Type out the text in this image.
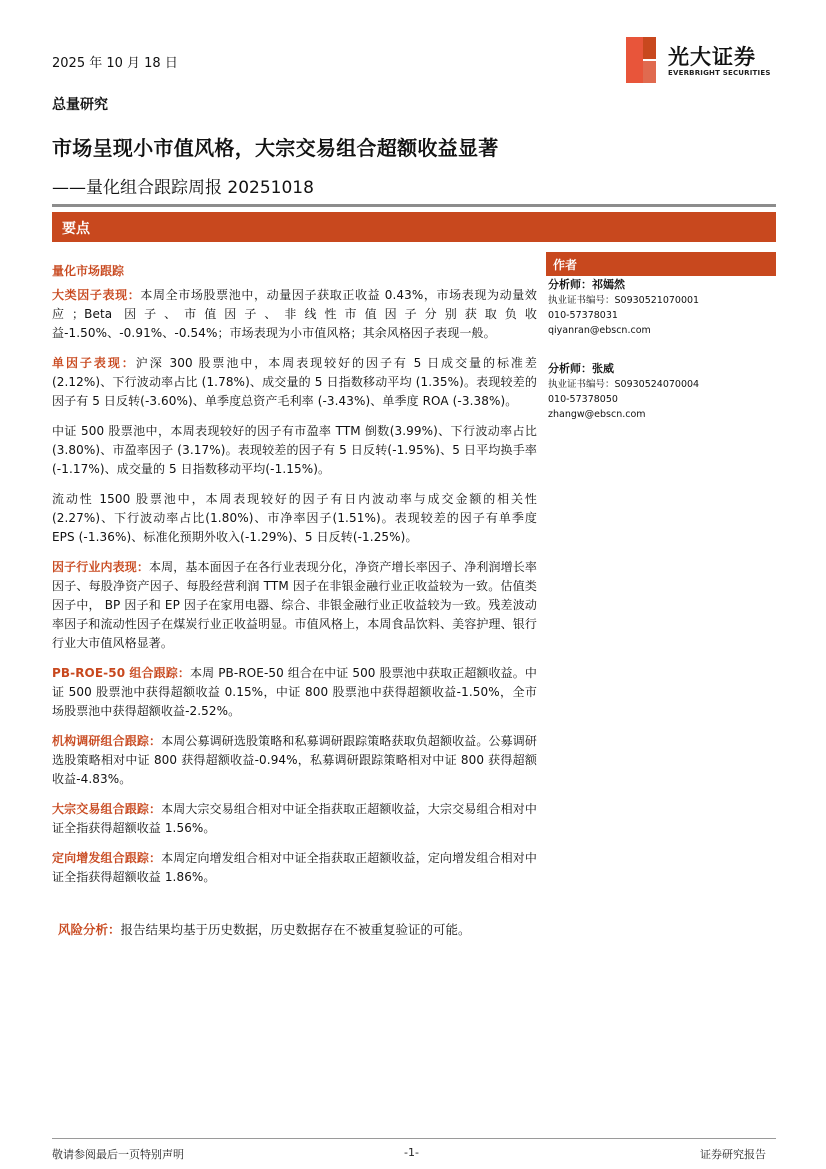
2025 年 10 月 18 日	光大证券
EVERBRIGHT SECURITIES
总量研究
市场呈现小市值风格，大宗交易组合超额收益显著
——量化组合跟踪周报 20251018
要点
量化市场跟踪

大类因子表现：本周全市场股票池中，动量因子获取正收益 0.43%，市场表现为动量效应；Beta 因子、市值因子、非线性市值因子分别获取负收益-1.50%、-0.91%、-0.54%；市场表现为小市值风格；其余风格因子表现一般。

单因子表现：沪深 300 股票池中，本周表现较好的因子有 5 日成交量的标准差 (2.12%)、下行波动率占比 (1.78%)、成交量的 5 日指数移动平均 (1.35%)。表现较差的因子有 5 日反转(-3.60%)、单季度总资产毛利率 (-3.43%)、单季度 ROA (-3.38%)。

中证 500 股票池中，本周表现较好的因子有市盈率 TTM 倒数(3.99%)、下行波动率占比 (3.80%)、市盈率因子 (3.17%)。表现较差的因子有 5 日反转(-1.95%)、5 日平均换手率(-1.17%)、成交量的 5 日指数移动平均(-1.15%)。

流动性 1500 股票池中，本周表现较好的因子有日内波动率与成交金额的相关性(2.27%)、下行波动率占比(1.80%)、市净率因子(1.51%)。表现较差的因子有单季度 EPS (-1.36%)、标准化预期外收入(-1.29%)、5 日反转(-1.25%)。

因子行业内表现：本周，基本面因子在各行业表现分化，净资产增长率因子、净利润增长率因子、每股净资产因子、每股经营利润 TTM 因子在非银金融行业正收益较为一致。估值类因子中， BP 因子和 EP 因子在家用电器、综合、非银金融行业正收益较为一致。残差波动率因子和流动性因子在煤炭行业正收益明显。市值风格上，本周食品饮料、美容护理、银行行业大市值风格显著。

PB-ROE-50 组合跟踪：本周 PB-ROE-50 组合在中证 500 股票池中获取正超额收益。中证 500 股票池中获得超额收益 0.15%，中证 800 股票池中获得超额收益-1.50%，全市场股票池中获得超额收益-2.52%。

机构调研组合跟踪：本周公募调研选股策略和私募调研跟踪策略获取负超额收益。公募调研选股策略相对中证 800 获得超额收益-0.94%，私募调研跟踪策略相对中证 800 获得超额收益-4.83%。

大宗交易组合跟踪：本周大宗交易组合相对中证全指获取正超额收益，大宗交易组合相对中证全指获得超额收益 1.56%。

定向增发组合跟踪：本周定向增发组合相对中证全指获取正超额收益，定向增发组合相对中证全指获得超额收益 1.86%。

风险分析：报告结果均基于历史数据，历史数据存在不被重复验证的可能。
作者
分析师：祁嫣然
执业证书编号：S0930521070001
010-57378031
qiyanran@ebscn.com
分析师：张威
执业证书编号：S0930524070004
010-57378050
zhangw@ebscn.com
敬请参阅最后一页特别声明	-1-	证券研究报告
